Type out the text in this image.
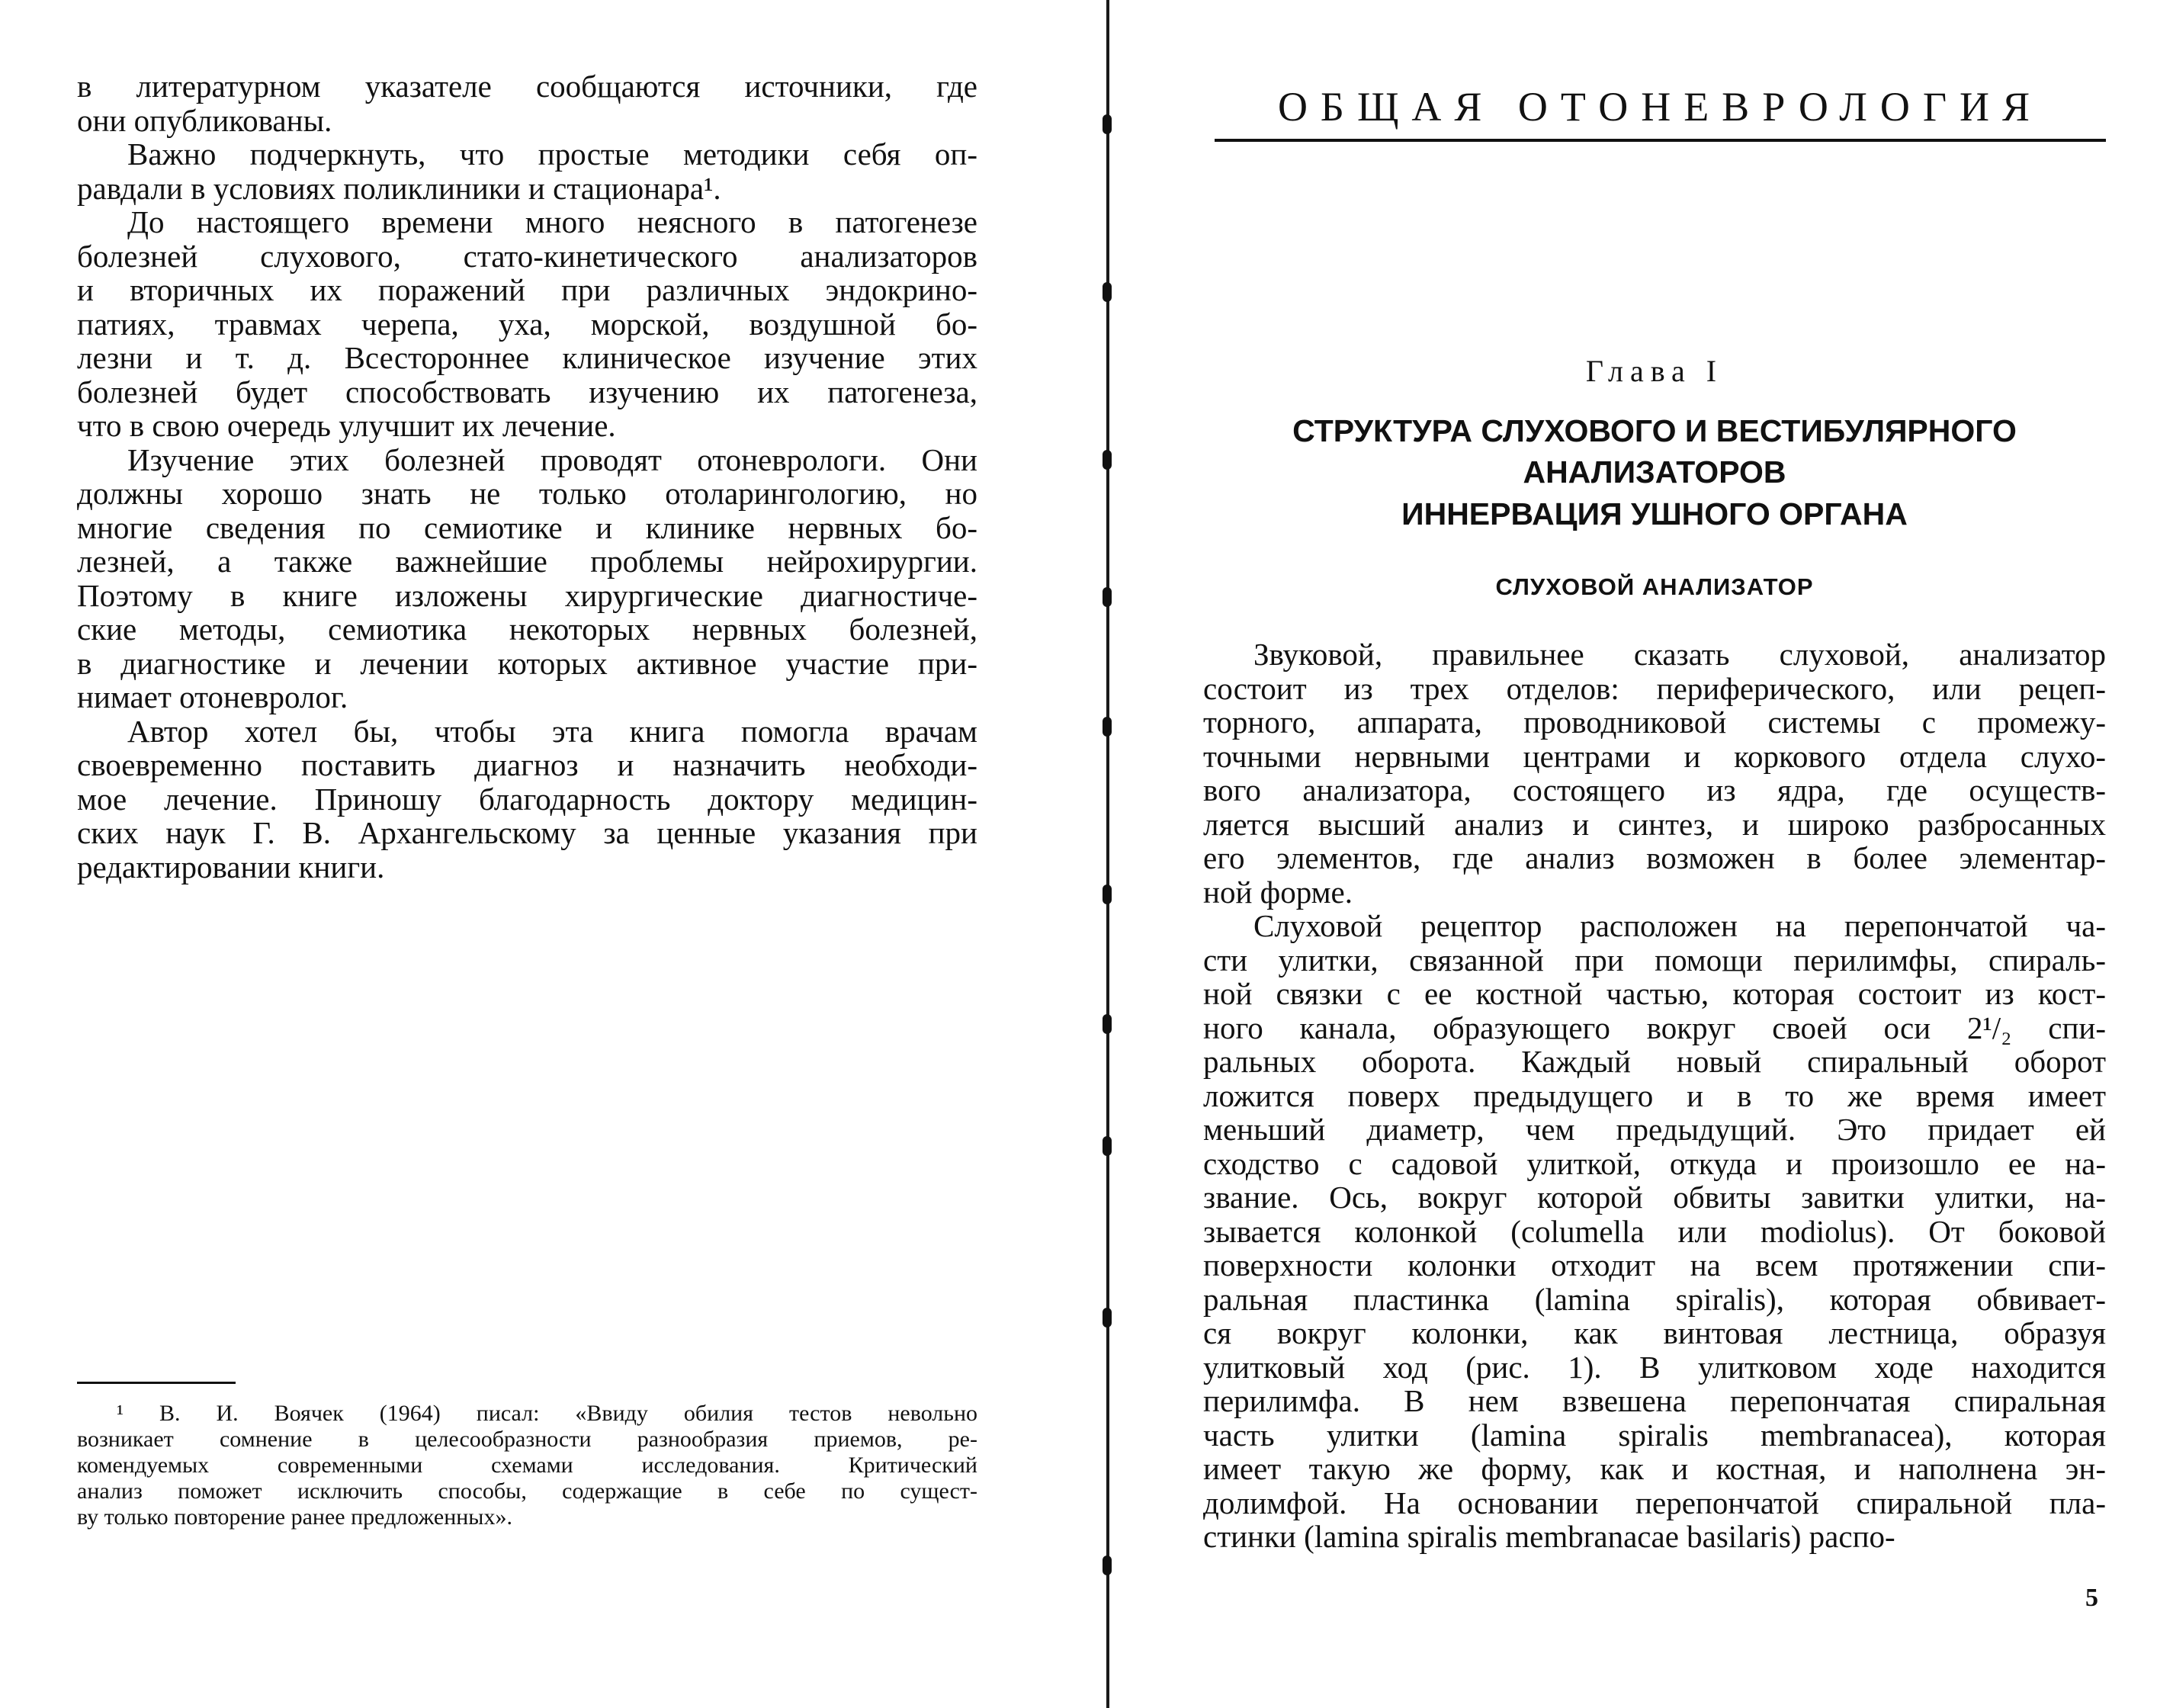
в литературном указателе сообщаются источники, где
они опубликованы.
Важно подчеркнуть, что простые методики себя оп-
равдали в условиях поликлиники и стационара¹.
До настоящего времени много неясного в патогенезе
болезней слухового, стато-кинетического анализаторов
и вторичных их поражений при различных эндокрино-
патиях, травмах черепа, уха, морской, воздушной бо-
лезни и т. д. Всестороннее клиническое изучение этих
болезней будет способствовать изучению их патогенеза,
что в свою очередь улучшит их лечение.
Изучение этих болезней проводят отоневрологи. Они
должны хорошо знать не только отоларингологию, но
многие сведения по семиотике и клинике нервных бо-
лезней, а также важнейшие проблемы нейрохирургии.
Поэтому в книге изложены хирургические диагностиче-
ские методы, семиотика некоторых нервных болезней,
в диагностике и лечении которых активное участие при-
нимает отоневролог.
Автор хотел бы, чтобы эта книга помогла врачам
своевременно поставить диагноз и назначить необходи-
мое лечение. Приношу благодарность доктору медицин-
ских наук Г. В. Архангельскому за ценные указания при
редактировании книги.
¹ В. И. Воячек (1964) писал: «Ввиду обилия тестов невольно
возникает сомнение в целесообразности разнообразия приемов, ре-
комендуемых современными схемами исследования. Критический
анализ поможет исключить способы, содержащие в себе по сущест-
ву только повторение ранее предложенных».
ОБЩАЯ ОТОНЕВРОЛОГИЯ
Глава I
СТРУКТУРА СЛУХОВОГО И ВЕСТИБУЛЯРНОГО
АНАЛИЗАТОРОВ
ИННЕРВАЦИЯ УШНОГО ОРГАНА
СЛУХОВОЙ АНАЛИЗАТОР
Звуковой, правильнее сказать слуховой, анализатор
состоит из трех отделов: периферического, или рецеп-
торного, аппарата, проводниковой системы с промежу-
точными нервными центрами и коркового отдела слухо-
вого анализатора, состоящего из ядра, где осуществ-
ляется высший анализ и синтез, и широко разбросанных
его элементов, где анализ возможен в более элементар-
ной форме.
Слуховой рецептор расположен на перепончатой ча-
сти улитки, связанной при помощи перилимфы, спираль-
ной связки с ее костной частью, которая состоит из кост-
ного канала, образующего вокруг своей оси 2¹/₂ спи-
ральных оборота. Каждый новый спиральный оборот
ложится поверх предыдущего и в то же время имеет
меньший диаметр, чем предыдущий. Это придает ей
сходство с садовой улиткой, откуда и произошло ее на-
звание. Ось, вокруг которой обвиты завитки улитки, на-
зывается колонкой (columella или modiolus). От боковой
поверхности колонки отходит на всем протяжении спи-
ральная пластинка (lamina spiralis), которая обвивает-
ся вокруг колонки, как винтовая лестница, образуя
улитковый ход (рис. 1). В улитковом ходе находится
перилимфа. В нем взвешена перепончатая спиральная
часть улитки (lamina spiralis membranacea), которая
имеет такую же форму, как и костная, и наполнена эн-
долимфой. На основании перепончатой спиральной пла-
стинки (lamina spiralis membranacae basilaris) распо-
5
